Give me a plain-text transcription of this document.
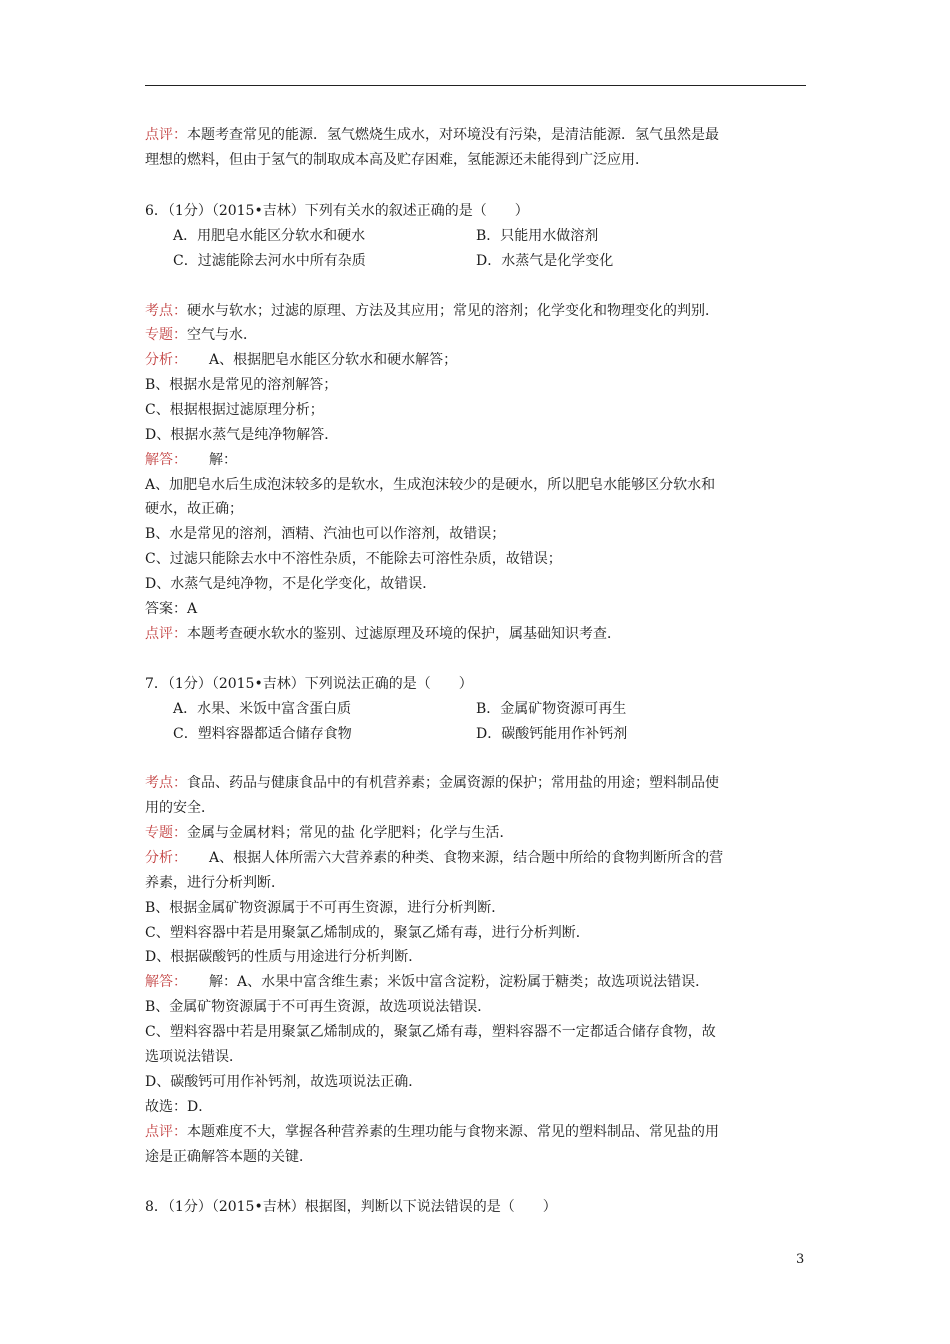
点评：本题考查常见的能源．氢气燃烧生成水，对环境没有污染，是清洁能源．氢气虽然是最
理想的燃料，但由于氢气的制取成本高及贮存困难，氢能源还未能得到广泛应用．
6．（1分）（2015•吉林）下列有关水的叙述正确的是（　　）
A．用肥皂水能区分软水和硬水	B．只能用水做溶剂
C．过滤能除去河水中所有杂质	D．水蒸气是化学变化
考点：硬水与软水；过滤的原理、方法及其应用；常见的溶剂；化学变化和物理变化的判别．
专题：空气与水．
分析： A、根据肥皂水能区分软水和硬水解答；
B、根据水是常见的溶剂解答；
C、根据根据过滤原理分析；
D、根据水蒸气是纯净物解答．
解答： 解：
A、加肥皂水后生成泡沫较多的是软水，生成泡沫较少的是硬水，所以肥皂水能够区分软水和
硬水，故正确；
B、水是常见的溶剂，酒精、汽油也可以作溶剂，故错误；
C、过滤只能除去水中不溶性杂质，不能除去可溶性杂质，故错误；
D、水蒸气是纯净物，不是化学变化，故错误．
答案：A
点评：本题考查硬水软水的鉴别、过滤原理及环境的保护，属基础知识考查．
7．（1分）（2015•吉林）下列说法正确的是（　　）
A．水果、米饭中富含蛋白质	B．金属矿物资源可再生
C．塑料容器都适合储存食物	D．碳酸钙能用作补钙剂
考点：食品、药品与健康食品中的有机营养素；金属资源的保护；常用盐的用途；塑料制品使
用的安全．
专题：金属与金属材料；常见的盐 化学肥料；化学与生活．
分析： A、根据人体所需六大营养素的种类、食物来源，结合题中所给的食物判断所含的营
养素，进行分析判断．
B、根据金属矿物资源属于不可再生资源，进行分析判断．
C、塑料容器中若是用聚氯乙烯制成的，聚氯乙烯有毒，进行分析判断．
D、根据碳酸钙的性质与用途进行分析判断．
解答： 解：A、水果中富含维生素；米饭中富含淀粉，淀粉属于糖类；故选项说法错误．
B、金属矿物资源属于不可再生资源，故选项说法错误．
C、塑料容器中若是用聚氯乙烯制成的，聚氯乙烯有毒，塑料容器不一定都适合储存食物，故
选项说法错误．
D、碳酸钙可用作补钙剂，故选项说法正确．
故选：D．
点评：本题难度不大，掌握各种营养素的生理功能与食物来源、常见的塑料制品、常见盐的用
途是正确解答本题的关键．
8．（1分）（2015•吉林）根据图，判断以下说法错误的是（　　）
3
